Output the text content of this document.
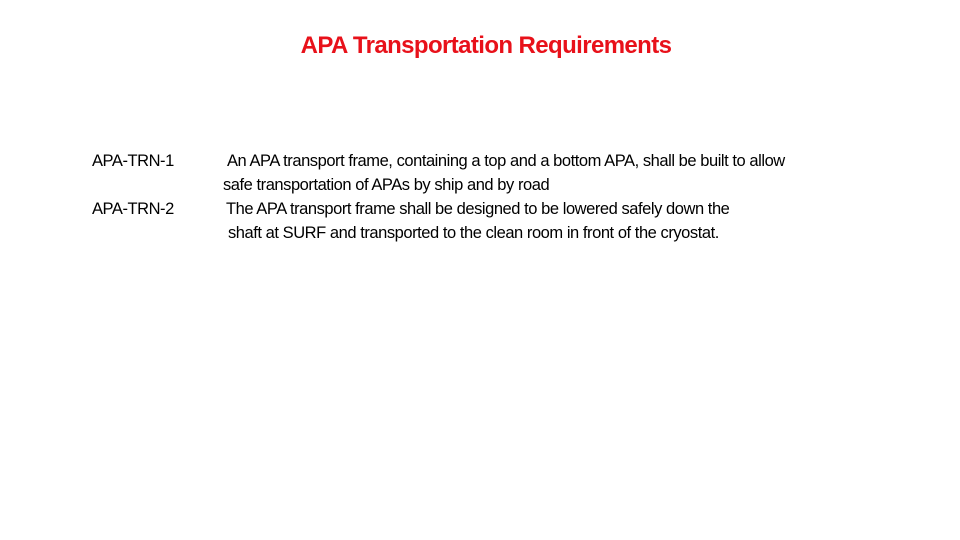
APA Transportation Requirements
APA-TRN-1	An APA transport frame, containing a top and a bottom APA, shall be built to allow
safe transportation of APAs by ship and by road
APA-TRN-2	The APA transport frame shall be designed to be lowered safely down the
shaft at SURF and transported to the clean room in front of the cryostat.
